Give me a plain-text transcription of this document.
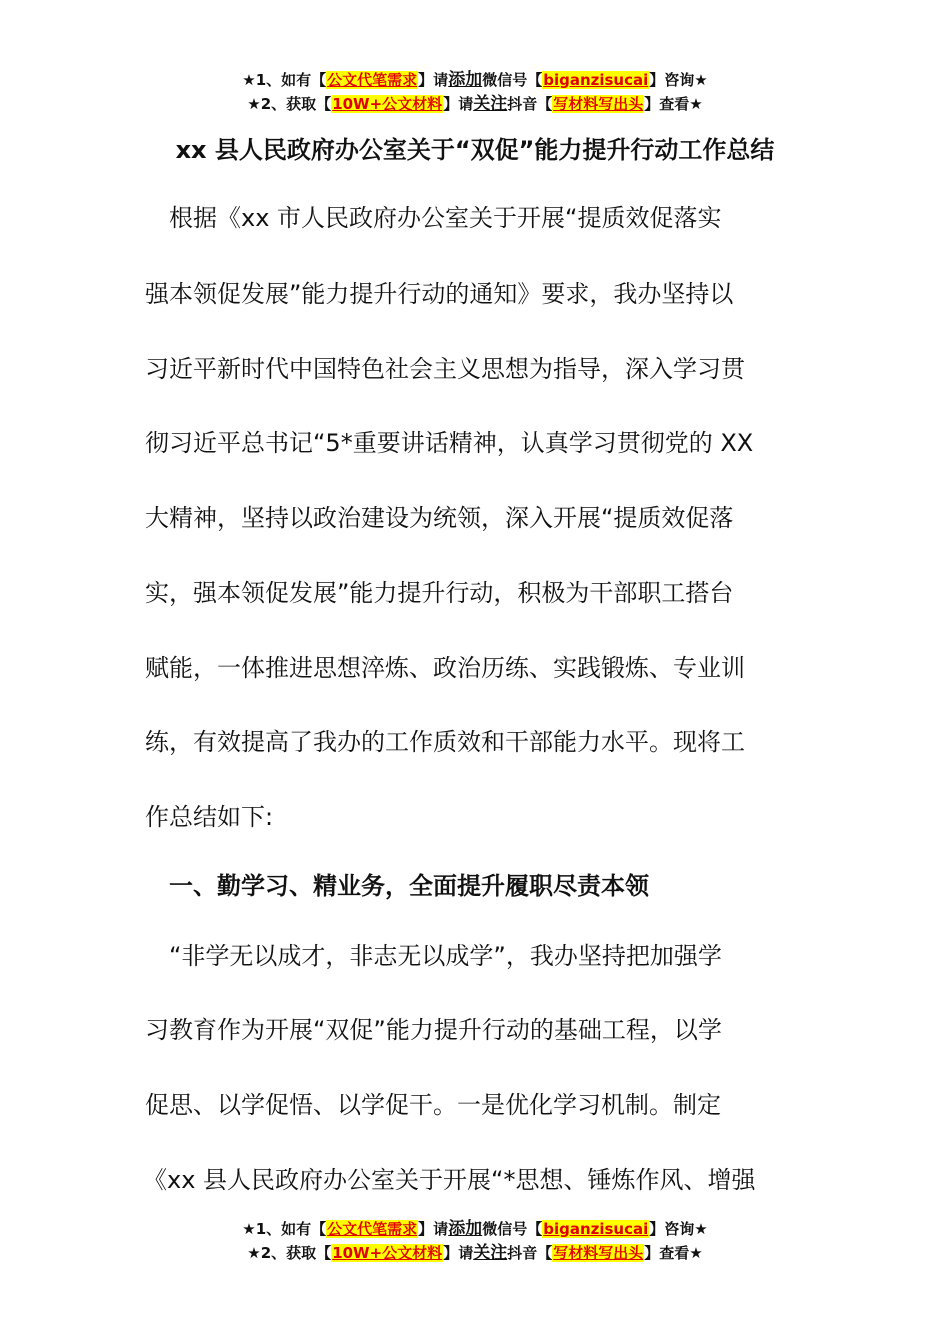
★1、如有【公文代笔需求】请添加微信号【biganzisucai】咨询★
★2、获取【10W+公文材料】请关注抖音【写材料写出头】查看★
xx 县人民政府办公室关于“双促”能力提升行动工作总结
　根据《xx 市人民政府办公室关于开展“提质效促落实
强本领促发展”能力提升行动的通知》要求，我办坚持以
习近平新时代中国特色社会主义思想为指导，深入学习贯
彻习近平总书记“5*重要讲话精神，认真学习贯彻党的 XX
大精神，坚持以政治建设为统领，深入开展“提质效促落
实，强本领促发展”能力提升行动，积极为干部职工搭台
赋能，一体推进思想淬炼、政治历练、实践锻炼、专业训
练，有效提高了我办的工作质效和干部能力水平。现将工
作总结如下:
　一、勤学习、精业务，全面提升履职尽责本领
　“非学无以成才，非志无以成学”，我办坚持把加强学
习教育作为开展“双促”能力提升行动的基础工程，以学
促思、以学促悟、以学促干。一是优化学习机制。制定
《xx 县人民政府办公室关于开展“*思想、锤炼作风、增强
★1、如有【公文代笔需求】请添加微信号【biganzisucai】咨询★
★2、获取【10W+公文材料】请关注抖音【写材料写出头】查看★
